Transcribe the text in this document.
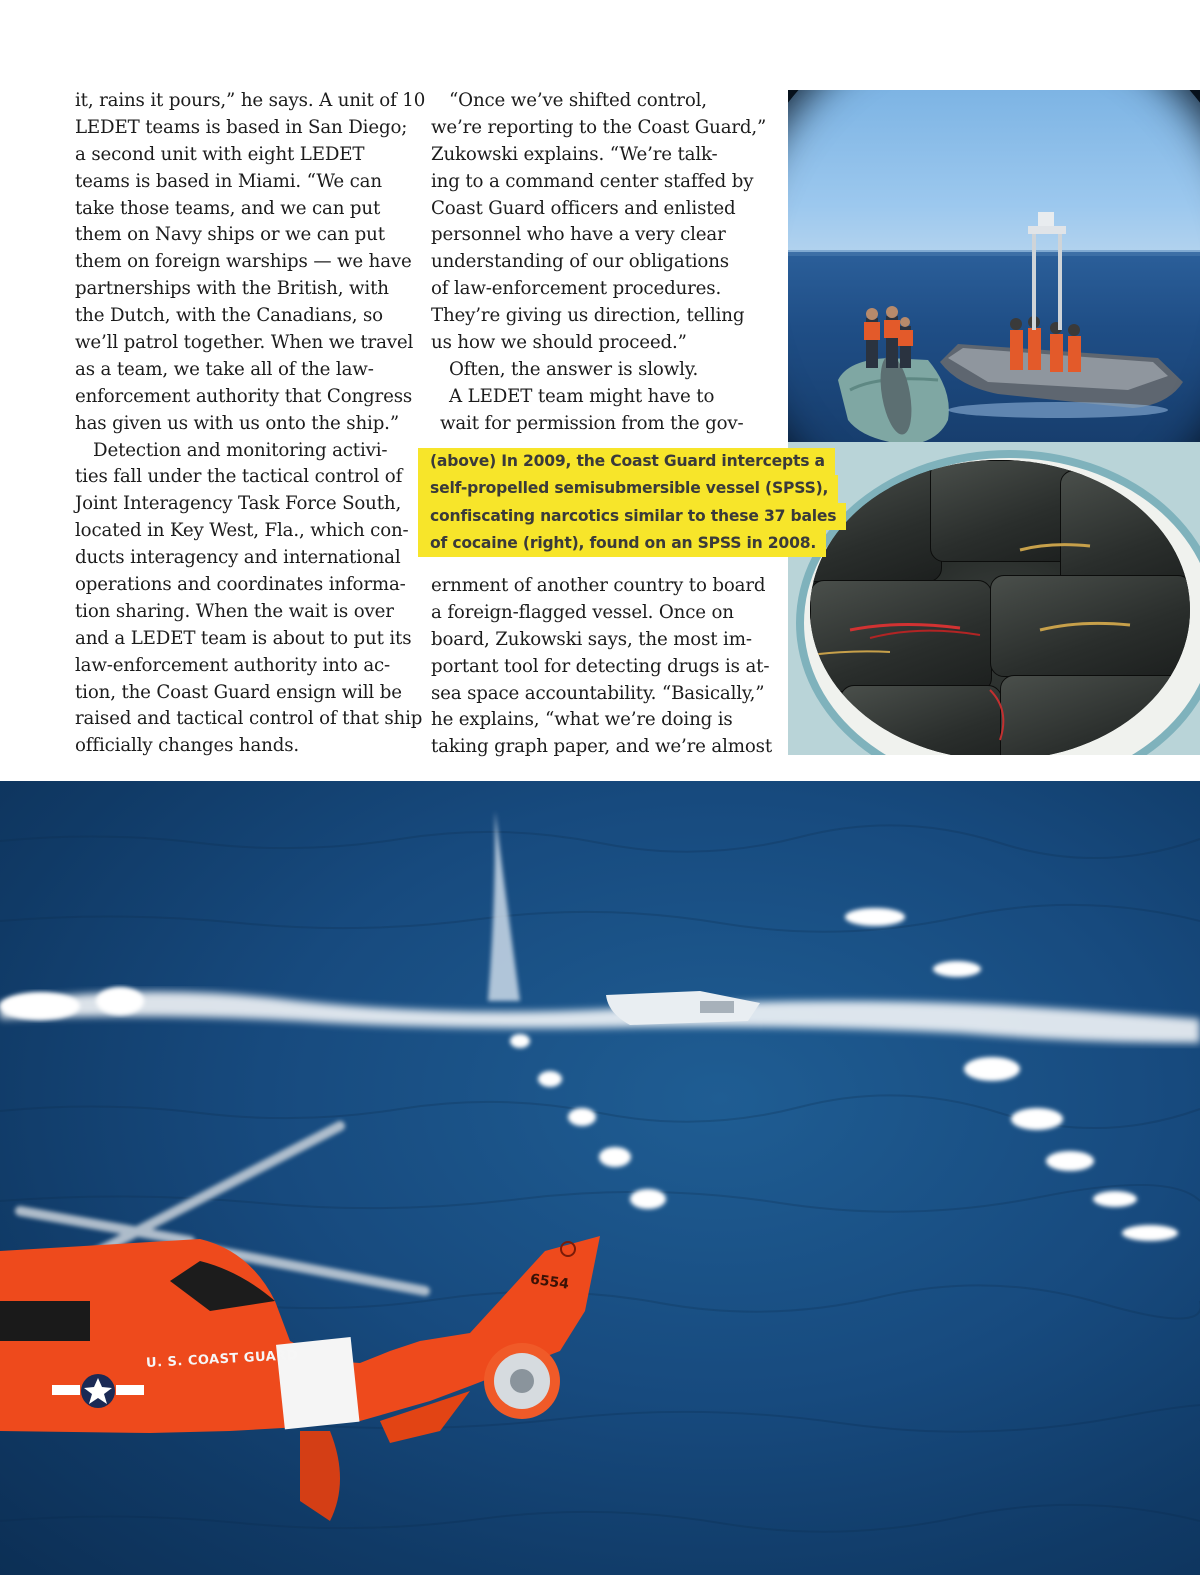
it, rains it pours,” he says. A unit of 10
LEDET teams is based in San Diego;
a second unit with eight LEDET
teams is based in Miami. “We can
take those teams, and we can put
them on Navy ships or we can put
them on foreign warships — we have
partnerships with the British, with
the Dutch, with the Canadians, so
we’ll patrol together. When we travel
as a team, we take all of the law-
enforcement authority that Congress
has given us with us onto the ship.”
 Detection and monitoring activi-
ties fall under the tactical control of
Joint Interagency Task Force South,
located in Key West, Fla., which con-
ducts interagency and international
operations and coordinates informa-
tion sharing. When the wait is over
and a LEDET team is about to put its
law-enforcement authority into ac-
tion, the Coast Guard ensign will be
raised and tactical control of that ship
officially changes hands.
 “Once we’ve shifted control,
we’re reporting to the Coast Guard,”
Zukowski explains. “We’re talk-
ing to a command center staffed by
Coast Guard officers and enlisted
personnel who have a very clear
understanding of our obligations
of law-enforcement procedures.
They’re giving us direction, telling
us how we should proceed.”
 Often, the answer is slowly.
 A LEDET team might have to
 wait for permission from the gov-
ernment of another country to board
a foreign-flagged vessel. Once on
board, Zukowski says, the most im-
portant tool for detecting drugs is at-
sea space accountability. “Basically,”
he explains, “what we’re doing is
taking graph paper, and we’re almost
(above) In 2009, the Coast Guard intercepts a
self-propelled semisubmersible vessel (SPSS),
confiscating narcotics similar to these 37 bales
of cocaine (right), found on an SPSS in 2008.
U. S. COAST GUARD
6554
